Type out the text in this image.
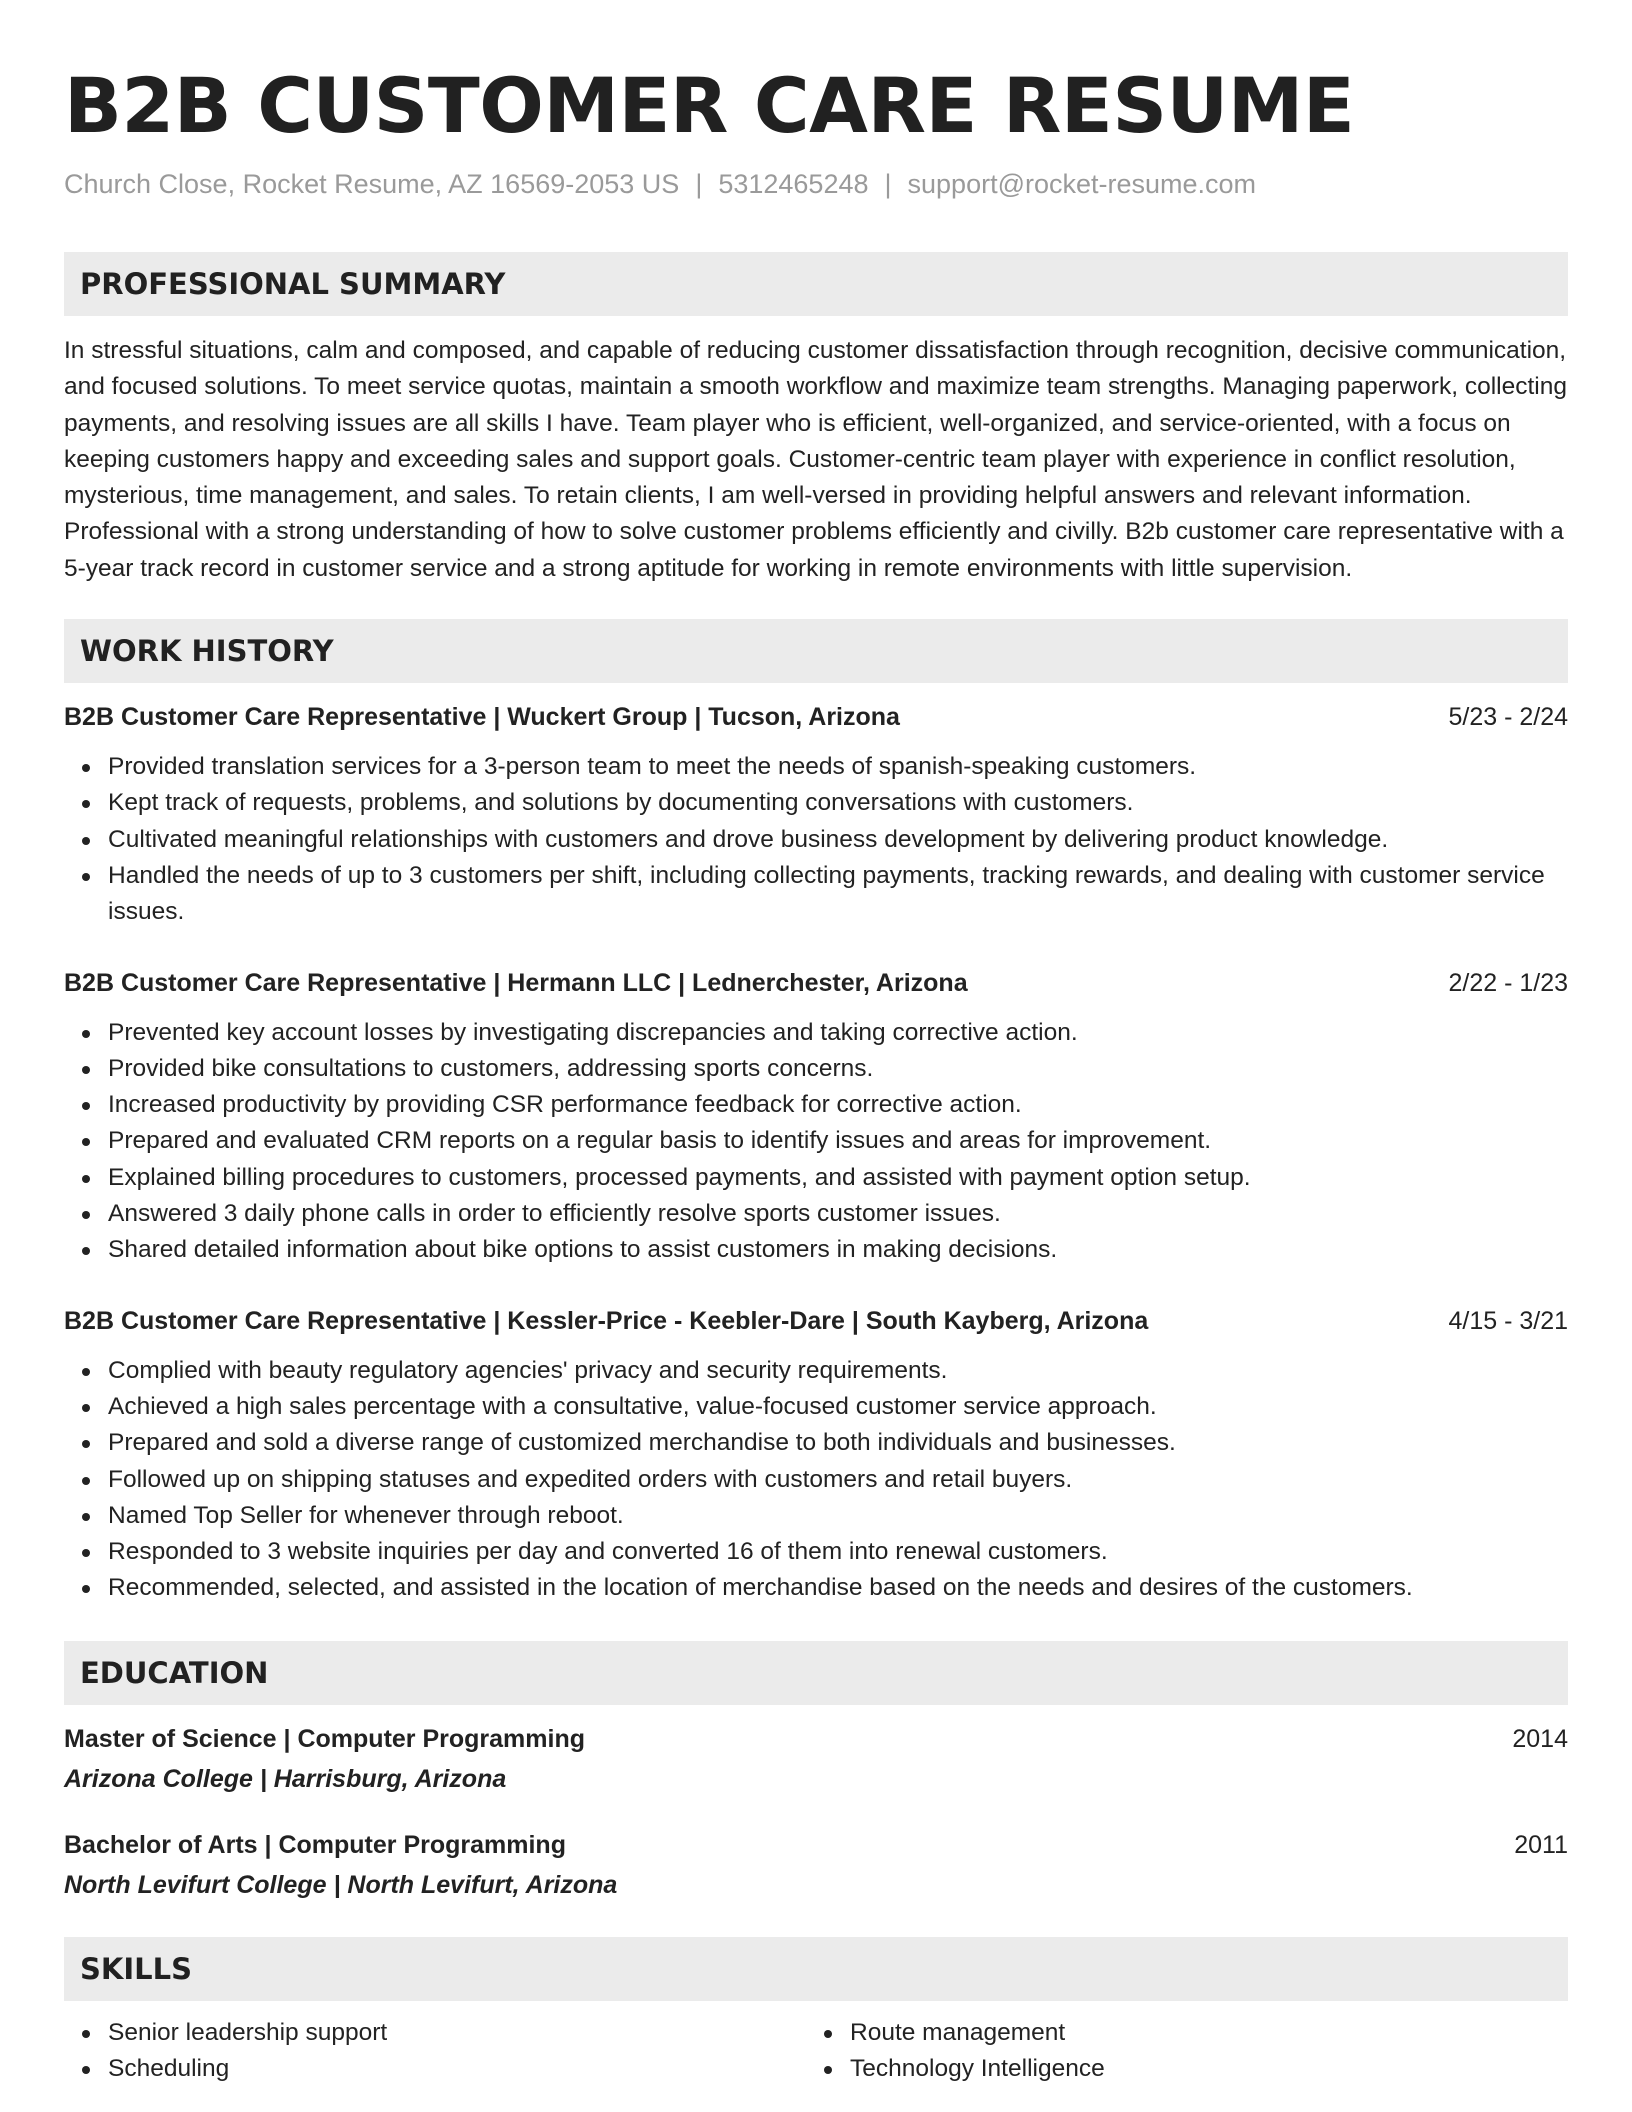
B2B CUSTOMER CARE RESUME
Church Close, Rocket Resume, AZ 16569-2053 US | 5312465248 | support@rocket-resume.com
PROFESSIONAL SUMMARY

In stressful situations, calm and composed, and capable of reducing customer dissatisfaction through recognition, decisive communication, and focused solutions. To meet service quotas, maintain a smooth workflow and maximize team strengths. Managing paperwork, collecting payments, and resolving issues are all skills I have. Team player who is efficient, well-organized, and service-oriented, with a focus on keeping customers happy and exceeding sales and support goals. Customer-centric team player with experience in conflict resolution, mysterious, time management, and sales. To retain clients, I am well-versed in providing helpful answers and relevant information. Professional with a strong understanding of how to solve customer problems efficiently and civilly. B2b customer care representative with a 5-year track record in customer service and a strong aptitude for working in remote environments with little supervision.

WORK HISTORY
B2B Customer Care Representative | Wuckert Group | Tucson, Arizona	5/23 - 2/24
Provided translation services for a 3-person team to meet the needs of spanish-speaking customers.
Kept track of requests, problems, and solutions by documenting conversations with customers.
Cultivated meaningful relationships with customers and drove business development by delivering product knowledge.
Handled the needs of up to 3 customers per shift, including collecting payments, tracking rewards, and dealing with customer service issues.
B2B Customer Care Representative | Hermann LLC | Lednerchester, Arizona	2/22 - 1/23
Prevented key account losses by investigating discrepancies and taking corrective action.
Provided bike consultations to customers, addressing sports concerns.
Increased productivity by providing CSR performance feedback for corrective action.
Prepared and evaluated CRM reports on a regular basis to identify issues and areas for improvement.
Explained billing procedures to customers, processed payments, and assisted with payment option setup.
Answered 3 daily phone calls in order to efficiently resolve sports customer issues.
Shared detailed information about bike options to assist customers in making decisions.
B2B Customer Care Representative | Kessler-Price - Keebler-Dare | South Kayberg, Arizona	4/15 - 3/21
Complied with beauty regulatory agencies' privacy and security requirements.
Achieved a high sales percentage with a consultative, value-focused customer service approach.
Prepared and sold a diverse range of customized merchandise to both individuals and businesses.
Followed up on shipping statuses and expedited orders with customers and retail buyers.
Named Top Seller for whenever through reboot.
Responded to 3 website inquiries per day and converted 16 of them into renewal customers.
Recommended, selected, and assisted in the location of merchandise based on the needs and desires of the customers.
EDUCATION
Master of Science | Computer Programming	2014
Arizona College | Harrisburg, Arizona
Bachelor of Arts | Computer Programming	2011
North Levifurt College | North Levifurt, Arizona
SKILLS
Senior leadership support
Scheduling
Route management
Technology Intelligence
